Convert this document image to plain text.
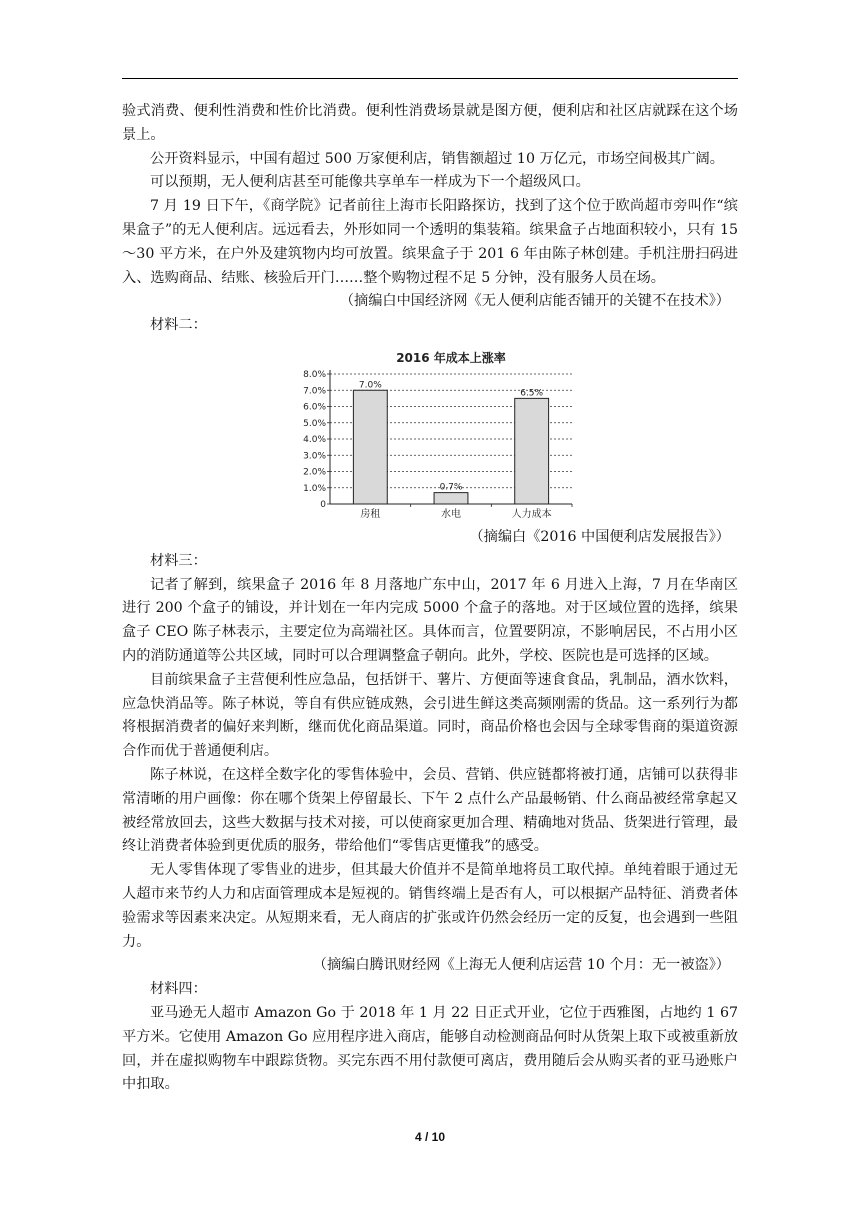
验式消费、便利性消费和性价比消费。便利性消费场景就是图方便，便利店和社区店就踩在这个场景上。

公开资料显示，中国有超过 500 万家便利店，销售额超过 10 万亿元，市场空间极其广阔。

可以预期，无人便利店甚至可能像共享单车一样成为下一个超级风口。

7 月 19 日下午，《商学院》记者前往上海市长阳路探访，找到了这个位于欧尚超市旁叫作“缤果盒子”的无人便利店。远远看去，外形如同一个透明的集装箱。缤果盒子占地面积较小，只有 15～30 平方米，在户外及建筑物内均可放置。缤果盒子于 201 6 年由陈子林创建。手机注册扫码进入、选购商品、结账、核验后开门……整个购物过程不足 5 分钟，没有服务人员在场。

（摘编白中国经济网《无人便利店能否铺开的关键不在技术》）

材料二：

2016 年成本上涨率
0
1.0%
2.0%
3.0%
4.0%
5.0%
6.0%
7.0%
8.0%
7.0%
房租
0.7%
水电
6.5%
人力成本

（摘编白《2016 中国便利店发展报告》）

材料三：

记者了解到，缤果盒子 2016 年 8 月落地广东中山，2017 年 6 月进入上海，7 月在华南区进行 200 个盒子的铺设，并计划在一年内完成 5000 个盒子的落地。对于区域位置的选择，缤果盒子 CEO 陈子林表示，主要定位为高端社区。具体而言，位置要阴凉，不影响居民，不占用小区内的消防通道等公共区域，同时可以合理调整盒子朝向。此外，学校、医院也是可选择的区域。

目前缤果盒子主营便利性应急品，包括饼干、薯片、方便面等速食食品，乳制品，酒水饮料，应急快消品等。陈子林说，等自有供应链成熟，会引进生鲜这类高频刚需的货品。这一系列行为都将根据消费者的偏好来判断，继而优化商品渠道。同时，商品价格也会因与全球零售商的渠道资源合作而优于普通便利店。

陈子林说，在这样全数字化的零售体验中，会员、营销、供应链都将被打通，店铺可以获得非常清晰的用户画像：你在哪个货架上停留最长、下午 2 点什么产品最畅销、什么商品被经常拿起又被经常放回去，这些大数据与技术对接，可以使商家更加合理、精确地对货品、货架进行管理，最终让消费者体验到更优质的服务，带给他们“零售店更懂我”的感受。

无人零售体现了零售业的进步，但其最大价值并不是简单地将员工取代掉。单纯着眼于通过无人超市来节约人力和店面管理成本是短视的。销售终端上是否有人，可以根据产品特征、消费者体验需求等因素来决定。从短期来看，无人商店的扩张或许仍然会经历一定的反复，也会遇到一些阻力。

（摘编白腾讯财经网《上海无人便利店运营 10 个月：无一被盗》）

材料四：

亚马逊无人超市 Amazon Go 于 2018 年 1 月 22 日正式开业，它位于西雅图，占地约 1 67 平方米。它使用 Amazon Go 应用程序进入商店，能够自动检测商品何时从货架上取下或被重新放回，并在虚拟购物车中跟踪货物。买完东西不用付款便可离店，费用随后会从购买者的亚马逊账户中扣取。

4 / 10
